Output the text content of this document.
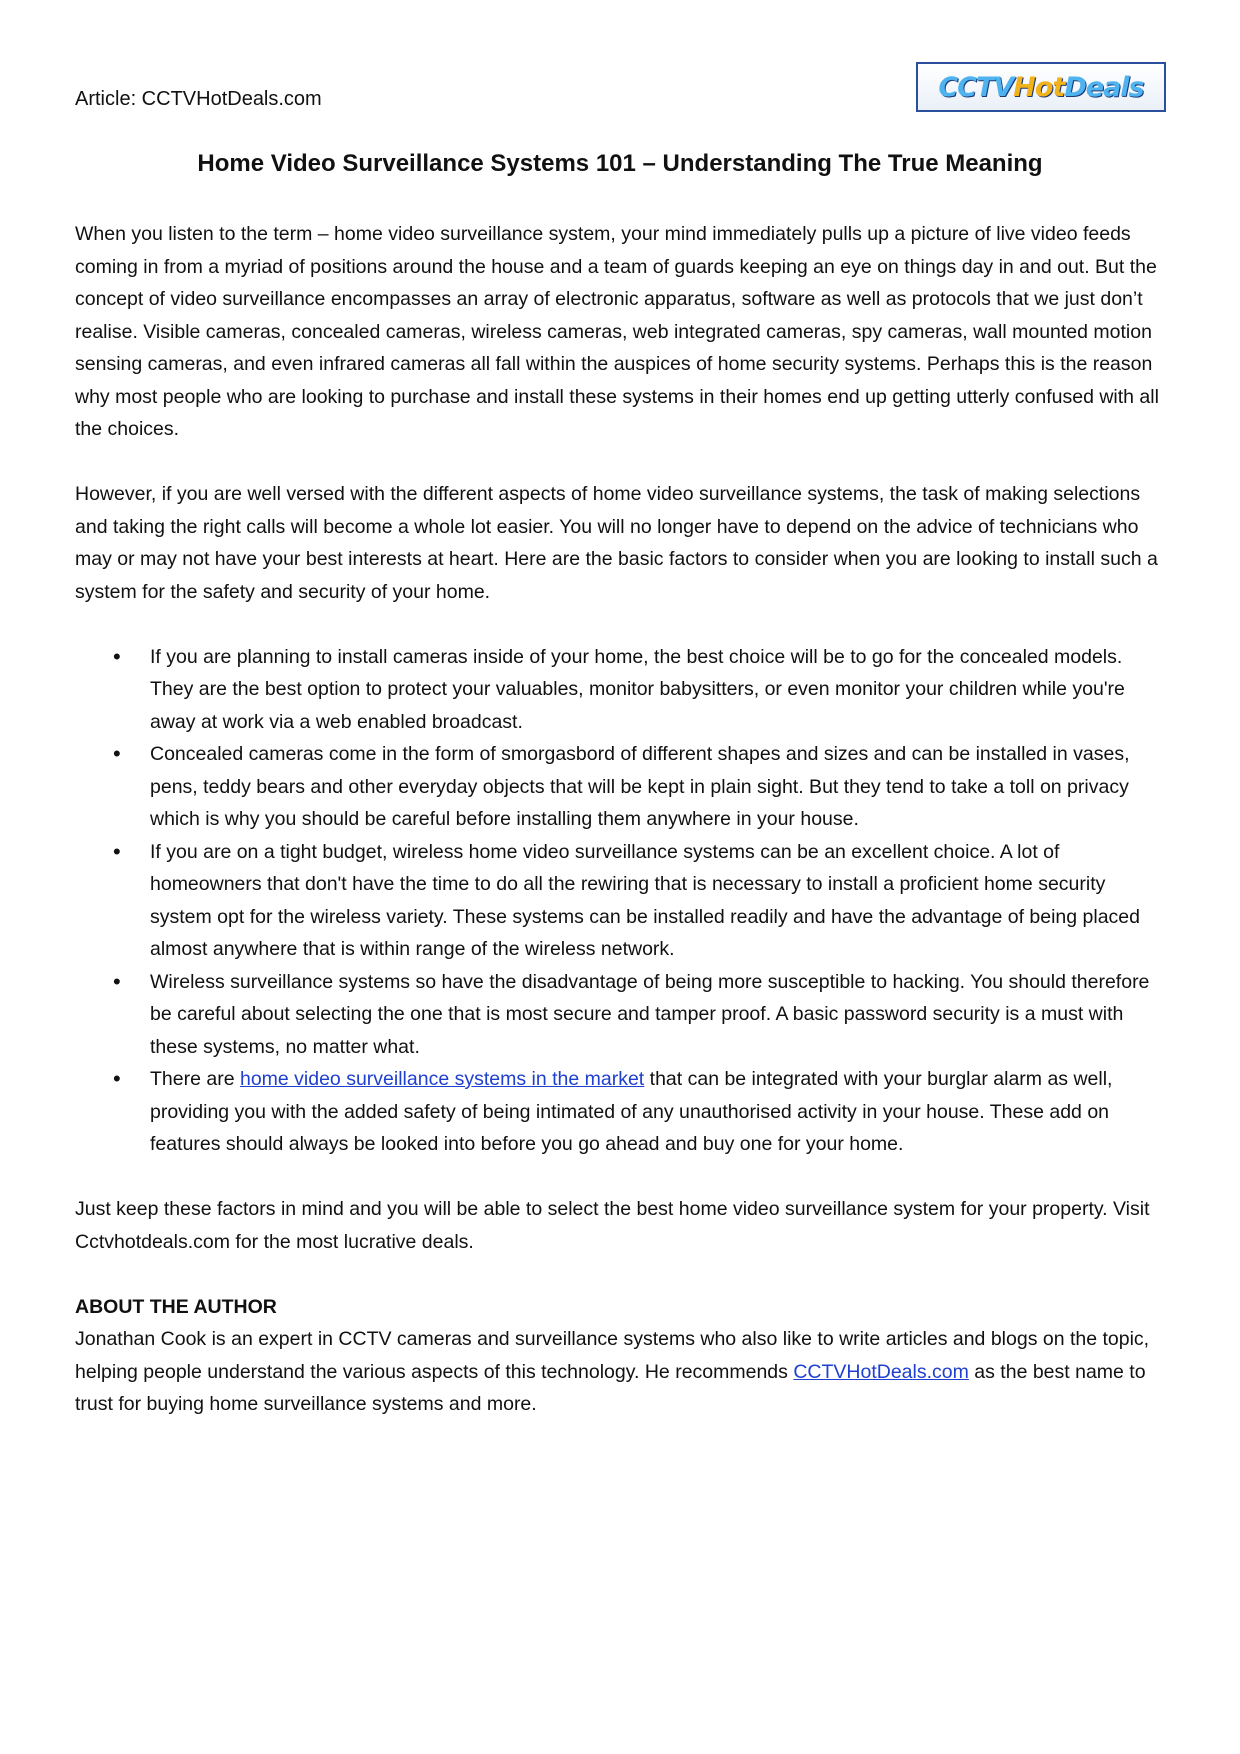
Article: CCTVHotDeals.com	CCTV Hot Deals
Home Video Surveillance Systems 101 – Understanding The True Meaning

When you listen to the term – home video surveillance system, your mind immediately pulls up a picture of live video feeds coming in from a myriad of positions around the house and a team of guards keeping an eye on things day in and out. But the concept of video surveillance encompasses an array of electronic apparatus, software as well as protocols that we just don’t realise. Visible cameras, concealed cameras, wireless cameras, web integrated cameras, spy cameras, wall mounted motion sensing cameras, and even infrared cameras all fall within the auspices of home security systems. Perhaps this is the reason why most people who are looking to purchase and install these systems in their homes end up getting utterly confused with all the choices.

However, if you are well versed with the different aspects of home video surveillance systems, the task of making selections and taking the right calls will become a whole lot easier. You will no longer have to depend on the advice of technicians who may or may not have your best interests at heart. Here are the basic factors to consider when you are looking to install such a system for the safety and security of your home.

• If you are planning to install cameras inside of your home, the best choice will be to go for the concealed models. They are the best option to protect your valuables, monitor babysitters, or even monitor your children while you're away at work via a web enabled broadcast.
• Concealed cameras come in the form of smorgasbord of different shapes and sizes and can be installed in vases, pens, teddy bears and other everyday objects that will be kept in plain sight. But they tend to take a toll on privacy which is why you should be careful before installing them anywhere in your house.
• If you are on a tight budget, wireless home video surveillance systems can be an excellent choice. A lot of homeowners that don't have the time to do all the rewiring that is necessary to install a proficient home security system opt for the wireless variety. These systems can be installed readily and have the advantage of being placed almost anywhere that is within range of the wireless network.
• Wireless surveillance systems so have the disadvantage of being more susceptible to hacking. You should therefore be careful about selecting the one that is most secure and tamper proof. A basic password security is a must with these systems, no matter what.
• There are home video surveillance systems in the market that can be integrated with your burglar alarm as well, providing you with the added safety of being intimated of any unauthorised activity in your house. These add on features should always be looked into before you go ahead and buy one for your home.

Just keep these factors in mind and you will be able to select the best home video surveillance system for your property. Visit Cctvhotdeals.com for the most lucrative deals.

ABOUT THE AUTHOR

Jonathan Cook is an expert in CCTV cameras and surveillance systems who also like to write articles and blogs on the topic, helping people understand the various aspects of this technology. He recommends CCTVHotDeals.com as the best name to trust for buying home surveillance systems and more.
